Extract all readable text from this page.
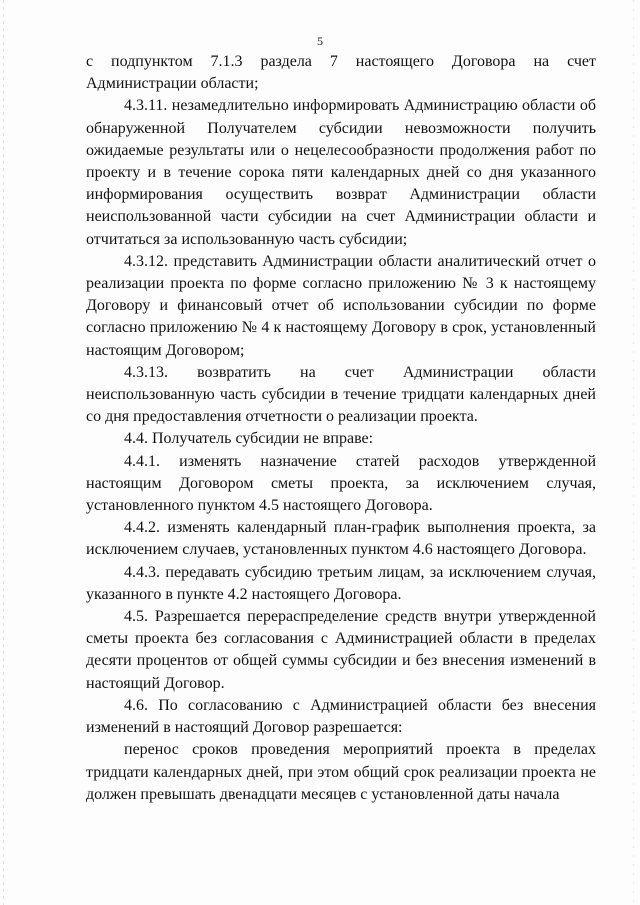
5

с подпунктом 7.1.3 раздела 7 настоящего Договора на счет Администрации области;

4.3.11. незамедлительно информировать Администрацию области об обнаруженной Получателем субсидии невозможности получить ожидаемые результаты или о нецелесообразности продолжения работ по проекту и в течение сорока пяти календарных дней со дня указанного информирования осуществить возврат Администрации области неиспользованной части субсидии на счет Администрации области и отчитаться за использованную часть субсидии;

4.3.12. представить Администрации области аналитический отчет о реализации проекта по форме согласно приложению № 3 к настоящему Договору и финансовый отчет об использовании субсидии по форме согласно приложению № 4 к настоящему Договору в срок, установленный настоящим Договором;

4.3.13. возвратить на счет Администрации области неиспользованную часть субсидии в течение тридцати календарных дней со дня предоставления отчетности о реализации проекта.

4.4. Получатель субсидии не вправе:

4.4.1. изменять назначение статей расходов утвержденной настоящим Договором сметы проекта, за исключением случая, установленного пунктом 4.5 настоящего Договора.

4.4.2. изменять календарный план-график выполнения проекта, за исключением случаев, установленных пунктом 4.6 настоящего Договора.

4.4.3. передавать субсидию третьим лицам, за исключением случая, указанного в пункте 4.2 настоящего Договора.

4.5. Разрешается перераспределение средств внутри утвержденной сметы проекта без согласования с Администрацией области в пределах десяти процентов от общей суммы субсидии и без внесения изменений в настоящий Договор.

4.6. По согласованию с Администрацией области без внесения изменений в настоящий Договор разрешается:

перенос сроков проведения мероприятий проекта в пределах тридцати календарных дней, при этом общий срок реализации проекта не должен превышать двенадцати месяцев с установленной даты начала
